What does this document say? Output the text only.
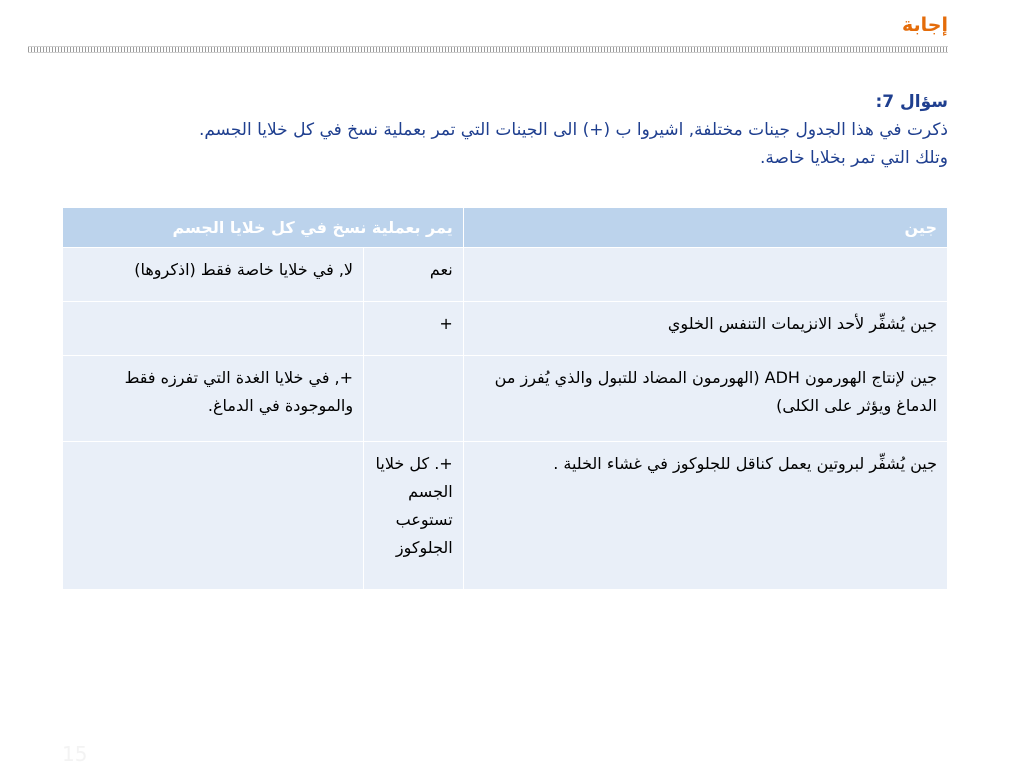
إجابة
سؤال 7:
ذكرت في هذا الجدول جينات مختلفة, اشيروا ب (+) الى الجينات التي تمر بعملية نسخ في كل خلايا الجسم.
وتلك التي تمر بخلايا خاصة.
جين	يمر بعملية نسخ في كل خلايا الجسم	
	نعم	لا, في خلايا خاصة فقط (اذكروها)
جين يُشفِّر لأحد الانزيمات التنفس الخلوي	+	
جين لإنتاج الهورمون ADH (الهورمون المضاد للتبول والذي يُفرز من الدماغ ويؤثر على الكلى)		+, في خلايا الغدة التي تفرزه فقط والموجودة في الدماغ.
جين يُشفِّر لبروتين يعمل كناقل للجلوكوز في غشاء الخلية .	+. كل خلايا الجسم تستوعب الجلوكوز	
15
